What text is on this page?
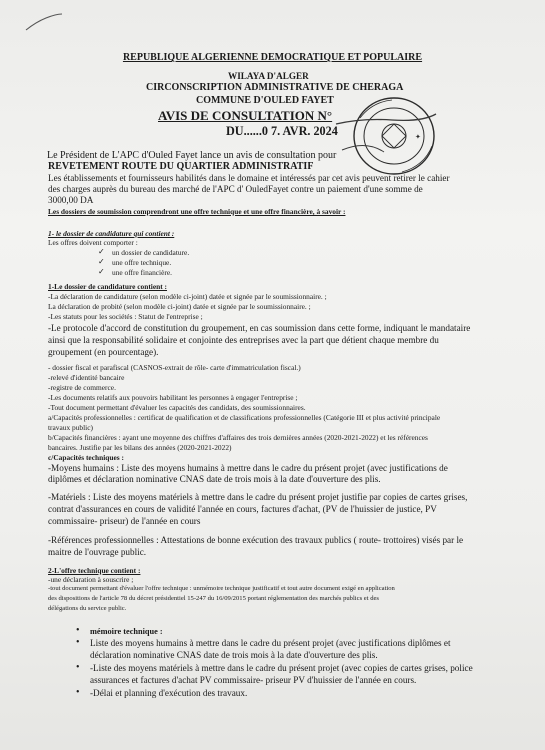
REPUBLIQUE ALGERIENNE DEMOCRATIQUE ET POPULAIRE
WILAYA D'ALGER
CIRCONSCRIPTION ADMINISTRATIVE DE CHERAGA
COMMUNE D'OULED FAYET
AVIS DE CONSULTATION N°
DU......0 7. AVR. 2024	✦
Le Président de L'APC d'Ouled Fayet lance un avis de consultation pour
REVETEMENT ROUTE DU QUARTIER ADMINISTRATIF
Les établissements et fournisseurs habilités dans le domaine et intéressés par cet avis peuvent retirer le cahier
des charges auprès du bureau des marché de l'APC d' OuledFayet contre un paiement d'une somme de
3000,00 DA
Les dossiers de soumission comprendront une offre technique et une offre financière, à savoir :
1- le dossier de candidature qui contient :
Les offres doivent comporter :
✓ un dossier de candidature.
✓ une offre technique.
✓ une offre financière.
1-Le dossier de candidature contient :
-La déclaration de candidature (selon modèle ci-joint) datée et signée par le soumissionnaire. ;
La déclaration de probité (selon modèle ci-joint) datée et signée par le soumissionnaire. ;
-Les statuts pour les sociétés : Statut de l'entreprise ;
-Le protocole d'accord de constitution du groupement, en cas soumission dans cette forme, indiquant le mandataire
ainsi que la responsabilité solidaire et conjointe des entreprises avec la part que détient chaque membre du
groupement (en pourcentage).
- dossier fiscal et parafiscal (CASNOS-extrait de rôle- carte d'immatriculation fiscal.)
-relevé d'identité bancaire
-registre de commerce.
-Les documents relatifs aux pouvoirs habilitant les personnes à engager l'entreprise ;
-Tout document permettant d'évaluer les capacités des candidats, des soumissionnaires.
a/Capacités professionnelles : certificat de qualification et de classifications professionnelles (Catégorie III et plus activité principale
travaux public)
b/Capacités financières : ayant une moyenne des chiffres d'affaires des trois dernières années (2020-2021-2022) et les références
bancaires. Justifie par les bilans des années (2020-2021-2022)
c/Capacités techniques :
-Moyens humains : Liste des moyens humains à mettre dans le cadre du présent projet (avec justifications de
diplômes et déclaration nominative CNAS date de trois mois à la date d'ouverture des plis.
-Matériels : Liste des moyens matériels à mettre dans le cadre du présent projet justifie par copies de cartes grises,
contrat d'assurances en cours de validité l'année en cours, factures d'achat, (PV de l'huissier de justice, PV
commissaire- priseur) de l'année en cours
-Références professionnelles : Attestations de bonne exécution des travaux publics ( route- trottoires) visés par le
maitre de l'ouvrage public.
2-L'offre technique contient :
-une déclaration à souscrire ;
-tout document permettant d'évaluer l'offre technique : unmémoire technique justificatif et tout autre document exigé en application
des dispositions de l'article 78 du décret présidentiel 15-247 du 16/09/2015 portant réglementation des marchés publics et des
délégations du service public.
• mémoire technique :
• Liste des moyens humains à mettre dans le cadre du présent projet (avec justifications diplômes et
déclaration nominative CNAS date de trois mois à la date d'ouverture des plis.
• -Liste des moyens matériels à mettre dans le cadre du présent projet (avec copies de cartes grises, police
assurances et factures d'achat PV commissaire- priseur PV d'huissier de l'année en cours.
• -Délai et planning d'exécution des travaux.
